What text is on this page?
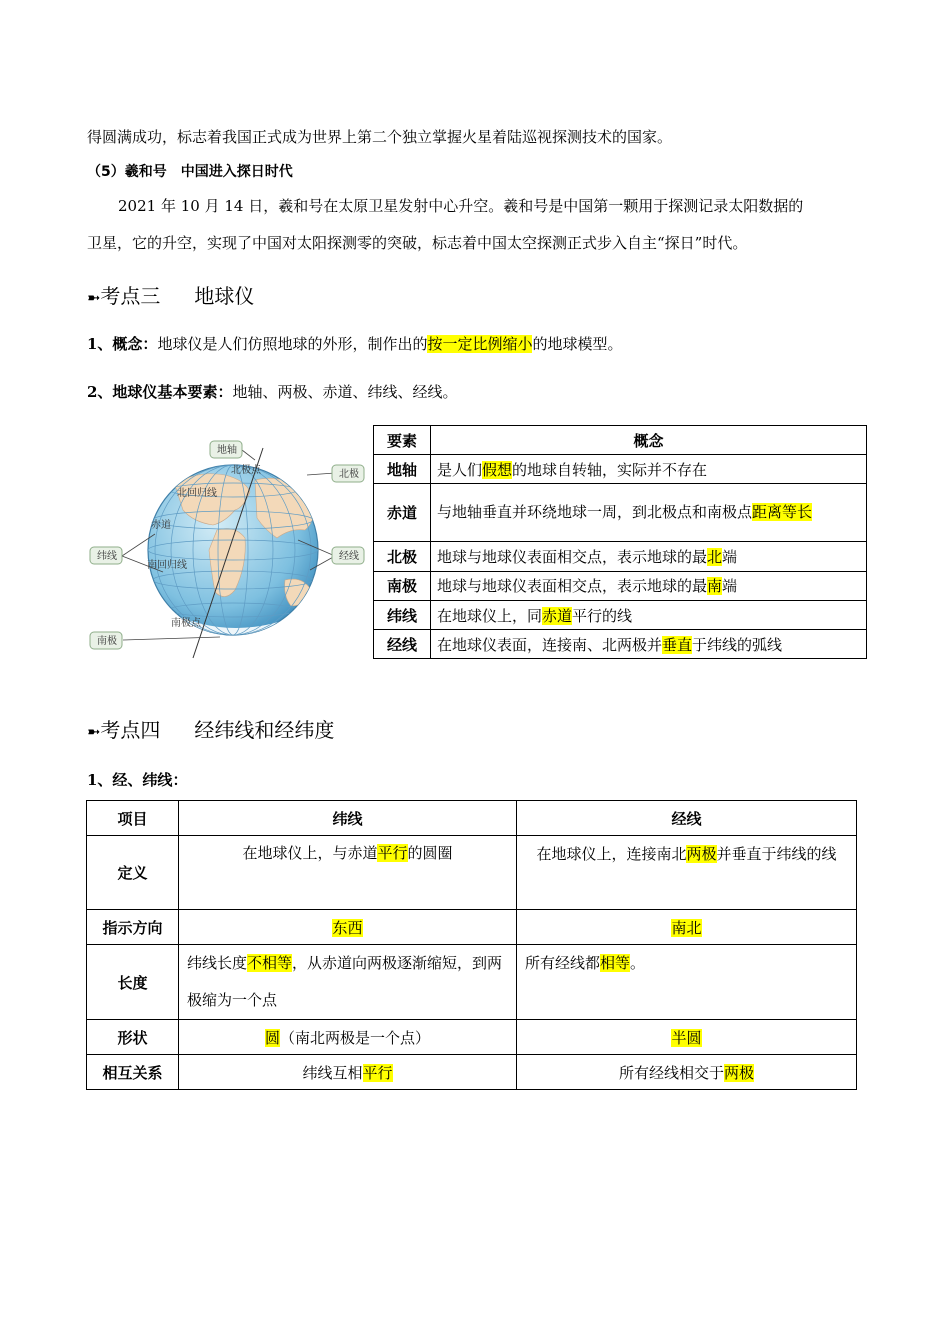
得圆满成功，标志着我国正式成为世界上第二个独立掌握火星着陆巡视探测技术的国家。
（5）羲和号　中国进入探日时代
2021 年 10 月 14 日，羲和号在太原卫星发射中心升空。羲和号是中国第一颗用于探测记录太阳数据的
卫星，它的升空，实现了中国对太阳探测零的突破，标志着中国太空探测正式步入自主“探日”时代。
➼考点三 地球仪
1、概念：地球仪是人们仿照地球的外形，制作出的按一定比例缩小的地球模型。
2、地球仪基本要素：地轴、两极、赤道、纬线、经线。
北极点
北回归线
赤道
南回归线
南极点
地轴
北极
纬线	经线
南极
要素	概念
地轴	是人们假想的地球自转轴，实际并不存在
赤道	与地轴垂直并环绕地球一周，到北极点和南极点距离等长
北极	地球与地球仪表面相交点，表示地球的最北端
南极	地球与地球仪表面相交点，表示地球的最南端
纬线	在地球仪上，同赤道平行的线
经线	在地球仪表面，连接南、北两极并垂直于纬线的弧线
➼考点四 经纬线和经纬度
1、经、纬线：
项目	纬线	经线
定义	在地球仪上，与赤道平行的圆圈	在地球仪上，连接南北两极并垂直于纬线的线
指示方向	东西	南北
长度	纬线长度不相等，从赤道向两极逐渐缩短，到两极缩为一个点	所有经线都相等。
形状	圆（南北两极是一个点）	半圆
相互关系	纬线互相平行	所有经线相交于两极
